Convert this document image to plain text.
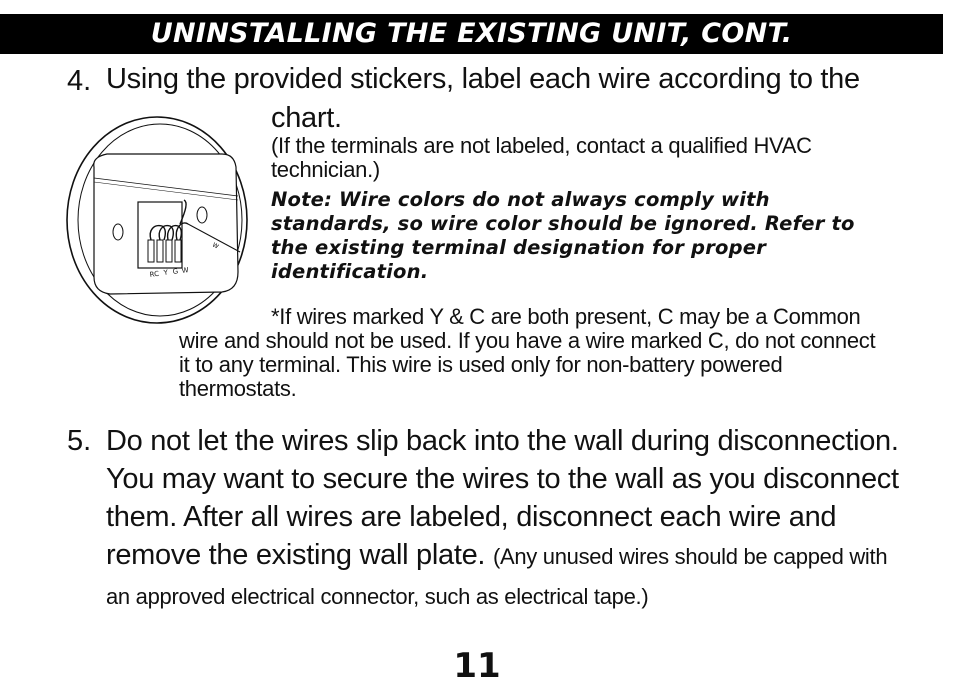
UNINSTALLING THE EXISTING UNIT, CONT.
4. Using the provided stickers, label each wire according to the
chart.
(If the terminals are not labeled, contact a qualified HVAC technician.)
Note: Wire colors do not always comply with standards, so wire color should be ignored. Refer to the existing terminal designation for proper identification.
*If wires marked Y & C are both present, C may be a Common wire and should not be used. If you have a wire marked C, do not connect it to any terminal. This wire is used only for non-battery powered thermostats.
W
RC Y G W
5. Do not let the wires slip back into the wall during disconnection. You may want to secure the wires to the wall as you disconnect them. After all wires are labeled, disconnect each wire and remove the existing wall plate. (Any unused wires should be capped with an approved electrical connector, such as electrical tape.)
11
